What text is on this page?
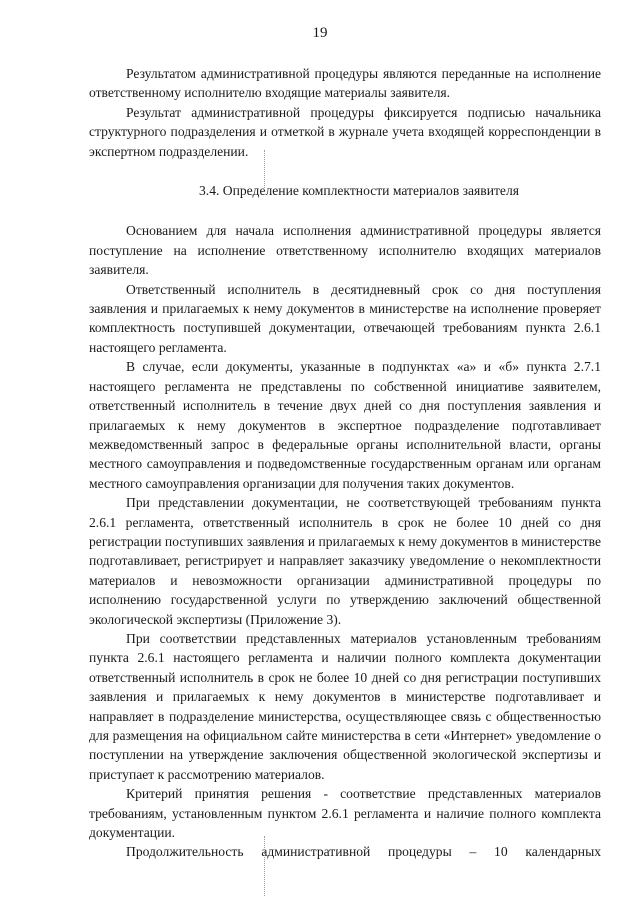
19

Результатом административной процедуры являются переданные на исполнение ответственному исполнителю входящие материалы заявителя.

Результат административной процедуры фиксируется подписью начальника структурного подразделения и отметкой в журнале учета входящей корреспонденции в экспертном подразделении.

3.4. Определение комплектности материалов заявителя

Основанием для начала исполнения административной процедуры является поступление на исполнение ответственному исполнителю входящих материалов заявителя.

Ответственный исполнитель в десятидневный срок со дня поступления заявления и прилагаемых к нему документов в министерстве на исполнение проверяет комплектность поступившей документации, отвечающей требованиям пункта 2.6.1 настоящего регламента.

В случае, если документы, указанные в подпунктах «а» и «б» пункта 2.7.1 настоящего регламента не представлены по собственной инициативе заявителем, ответственный исполнитель в течение двух дней со дня поступления заявления и прилагаемых к нему документов в экспертное подразделение подготавливает межведомственный запрос в федеральные органы исполнительной власти, органы местного самоуправления и подведомственные государственным органам или органам местного самоуправления организации для получения таких документов.

При представлении документации, не соответствующей требованиям пункта 2.6.1 регламента, ответственный исполнитель в срок не более 10 дней со дня регистрации поступивших заявления и прилагаемых к нему документов в министерстве подготавливает, регистрирует и направляет заказчику уведомление о некомплектности материалов и невозможности организации административной процедуры по исполнению государственной услуги по утверждению заключений общественной экологической экспертизы (Приложение 3).

При соответствии представленных материалов установленным требованиям пункта 2.6.1 настоящего регламента и наличии полного комплекта документации ответственный исполнитель в срок не более 10 дней со дня регистрации поступивших заявления и прилагаемых к нему документов в министерстве подготавливает и направляет в подразделение министерства, осуществляющее связь с общественностью для размещения на официальном сайте министерства в сети «Интернет» уведомление о поступлении на утверждение заключения общественной экологической экспертизы и приступает к рассмотрению материалов.

Критерий принятия решения - соответствие представленных материалов требованиям, установленным пунктом 2.6.1 регламента и наличие полного комплекта документации.

Продолжительность административной процедуры – 10 календарных
